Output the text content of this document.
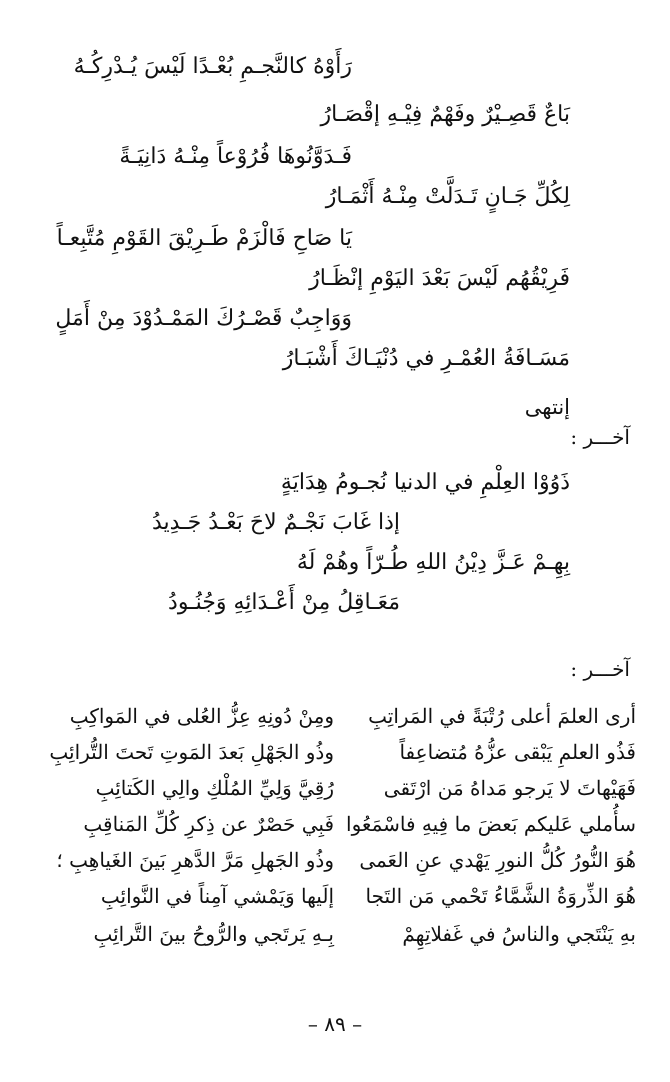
رَأَوْهُ كالنَّجـمِ بُعْـدًا لَيْسَ يُـدْرِكُـهُ
بَاعٌ قَصِـيْرٌ وفَهْمٌ فِيْـهِ إقْصَـارُ
فَـدَوَّنُوهَا فُرُوْعاً مِنْـهُ دَانِيَـةً
لِكُلِّ جَـانٍ تَـدَلَّتْ مِنْـهُ أَثْمَـارُ
يَا صَاحِ فَالْزَمْ طَـرِيْقَ القَوْمِ مُتَّبِعـاً
فَرِيْقُهُم لَيْسَ بَعْدَ اليَوْمِ إنْظَـارُ
وَوَاجِبٌ قَصْـرُكَ المَمْـدُوْدَ مِنْ أَمَلٍ
مَسَـافَةُ العُمْـرِ في دُنْيَـاكَ أَشْبَـارُ
إنتهى
آخـــر :
ذَوُوْا العِلْمِ في الدنيا نُجـومُ هِدَايَةٍ
إذا غَابَ نَجْـمٌ لاحَ بَعْـدُ جَـدِيدُ
بِهِـمْ عَـزَّ دِيْنُ اللهِ طُـرّاً وهُمْ لَهُ
مَعَـاقِلُ مِنْ أَعْـدَائِهِ وَجُنُـودُ
آخـــر :
أرى العلمَ أعلى رُتْبَةً في المَراتِبِ
فَذُو العلمِ يَبْقى عزُّهُ مُتضاعِفاً
فَهَيْهاتَ لا يَرجو مَداهُ مَن ارْتَقى
سأُملي عَليكم بَعضَ ما فِيهِ فاسْمَعُوا
هُوَ النُّورُ كُلُّ النورِ يَهْدي عنِ العَمى
هُوَ الذِّروَةُ الشَّمَّاءُ تَحْمي مَن التَجا
بهِ يَنْتَجي والناسُ في غَفلاتِهِمْ
ومِنْ دُونِهِ عِزُّ العُلى في المَواكِبِ
وذُو الجَهْلِ بَعدَ المَوتِ تَحتَ التُّرائِبِ
رُقِيَّ وَلِيِّ المُلْكِ والِي الكَتائِبِ
فَبِي حَصْرٌ عن ذِكرِ كُلِّ المَناقِبِ
وذُو الجَهلِ مَرَّ الدَّهرِ بَينَ الغَياهِبِ ؛
إلَيها وَيَمْشي آمِناً في النَّوائِبِ
بِـهِ يَرتَجي والرُّوحُ بينَ التَّرائِبِ
– ٨٩ –
